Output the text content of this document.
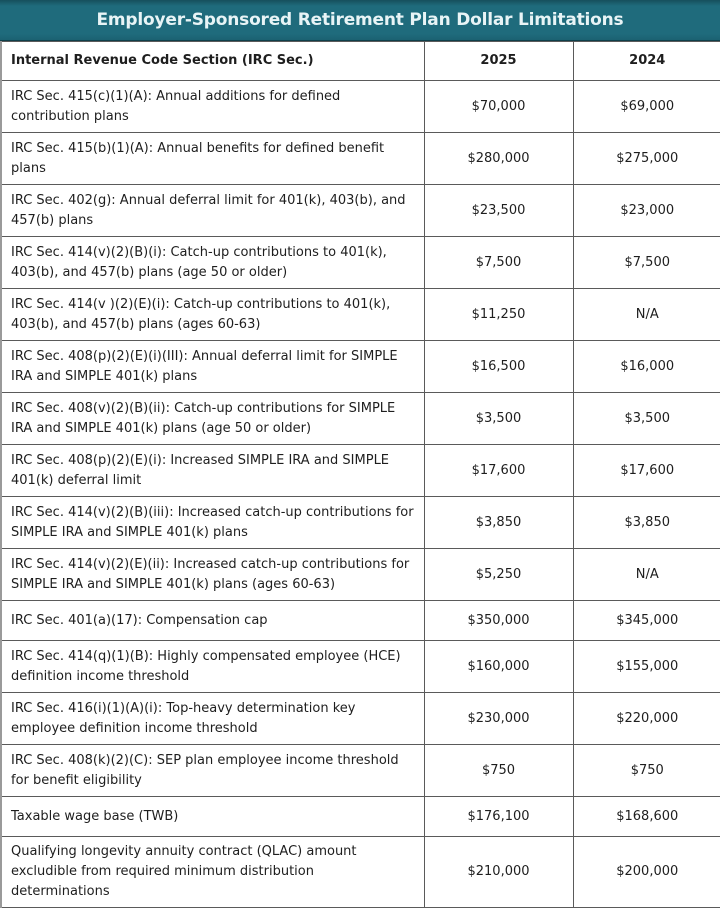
Employer-Sponsored Retirement Plan Dollar Limitations
Internal Revenue Code Section (IRC Sec.)	2025	2024
IRC Sec. 415(c)(1)(A): Annual additions for defined contribution plans	$70,000	$69,000
IRC Sec. 415(b)(1)(A): Annual benefits for defined benefit plans	$280,000	$275,000
IRC Sec. 402(g): Annual deferral limit for 401(k), 403(b), and 457(b) plans	$23,500	$23,000
IRC Sec. 414(v)(2)(B)(i): Catch-up contributions to 401(k), 403(b), and 457(b) plans (age 50 or older)	$7,500	$7,500
IRC Sec. 414(v )(2)(E)(i): Catch-up contributions to 401(k), 403(b), and 457(b) plans (ages 60-63)	$11,250	N/A
IRC Sec. 408(p)(2)(E)(i)(III): Annual deferral limit for SIMPLE IRA and SIMPLE 401(k) plans	$16,500	$16,000
IRC Sec. 408(v)(2)(B)(ii): Catch-up contributions for SIMPLE IRA and SIMPLE 401(k) plans (age 50 or older)	$3,500	$3,500
IRC Sec. 408(p)(2)(E)(i): Increased SIMPLE IRA and SIMPLE 401(k) deferral limit	$17,600	$17,600
IRC Sec. 414(v)(2)(B)(iii): Increased catch-up contributions for SIMPLE IRA and SIMPLE 401(k) plans	$3,850	$3,850
IRC Sec. 414(v)(2)(E)(ii): Increased catch-up contributions for SIMPLE IRA and SIMPLE 401(k) plans (ages 60-63)	$5,250	N/A
IRC Sec. 401(a)(17): Compensation cap	$350,000	$345,000
IRC Sec. 414(q)(1)(B): Highly compensated employee (HCE) definition income threshold	$160,000	$155,000
IRC Sec. 416(i)(1)(A)(i): Top-heavy determination key employee definition income threshold	$230,000	$220,000
IRC Sec. 408(k)(2)(C): SEP plan employee income threshold for benefit eligibility	$750	$750
Taxable wage base (TWB)	$176,100	$168,600
Qualifying longevity annuity contract (QLAC) amount excludible from required minimum distribution determinations	$210,000	$200,000
